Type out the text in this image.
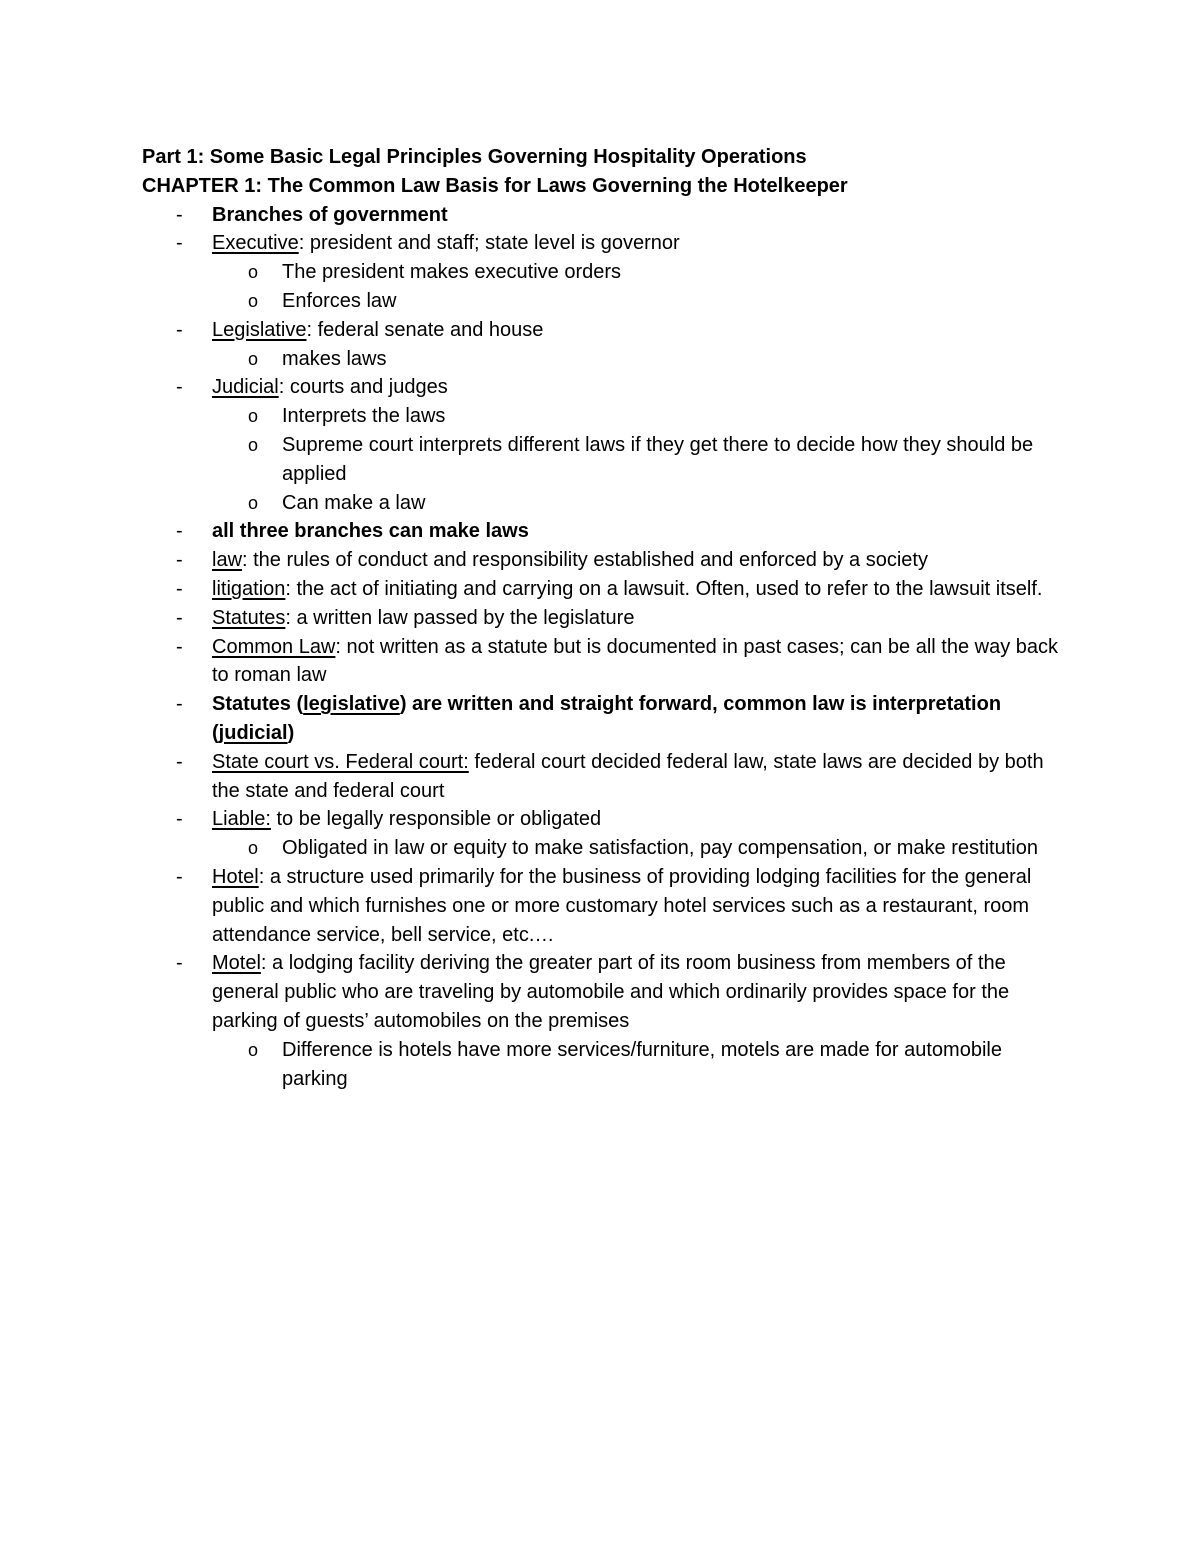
Part 1: Some Basic Legal Principles Governing Hospitality Operations

CHAPTER 1: The Common Law Basis for Laws Governing the Hotelkeeper

- Branches of government
- Executive: president and staff; state level is governor
o The president makes executive orders
o Enforces law
- Legislative: federal senate and house
o makes laws
- Judicial: courts and judges
o Interprets the laws
o Supreme court interprets different laws if they get there to decide how they should be applied
o Can make a law
- all three branches can make laws
- law: the rules of conduct and responsibility established and enforced by a society
- litigation: the act of initiating and carrying on a lawsuit. Often, used to refer to the lawsuit itself.
- Statutes: a written law passed by the legislature
- Common Law: not written as a statute but is documented in past cases; can be all the way back to roman law
- Statutes (legislative) are written and straight forward, common law is interpretation (judicial)
- State court vs. Federal court: federal court decided federal law, state laws are decided by both the state and federal court
- Liable: to be legally responsible or obligated
o Obligated in law or equity to make satisfaction, pay compensation, or make restitution
- Hotel: a structure used primarily for the business of providing lodging facilities for the general public and which furnishes one or more customary hotel services such as a restaurant, room attendance service, bell service, etc.…
- Motel: a lodging facility deriving the greater part of its room business from members of the general public who are traveling by automobile and which ordinarily provides space for the parking of guests’ automobiles on the premises
o Difference is hotels have more services/furniture, motels are made for automobile parking
